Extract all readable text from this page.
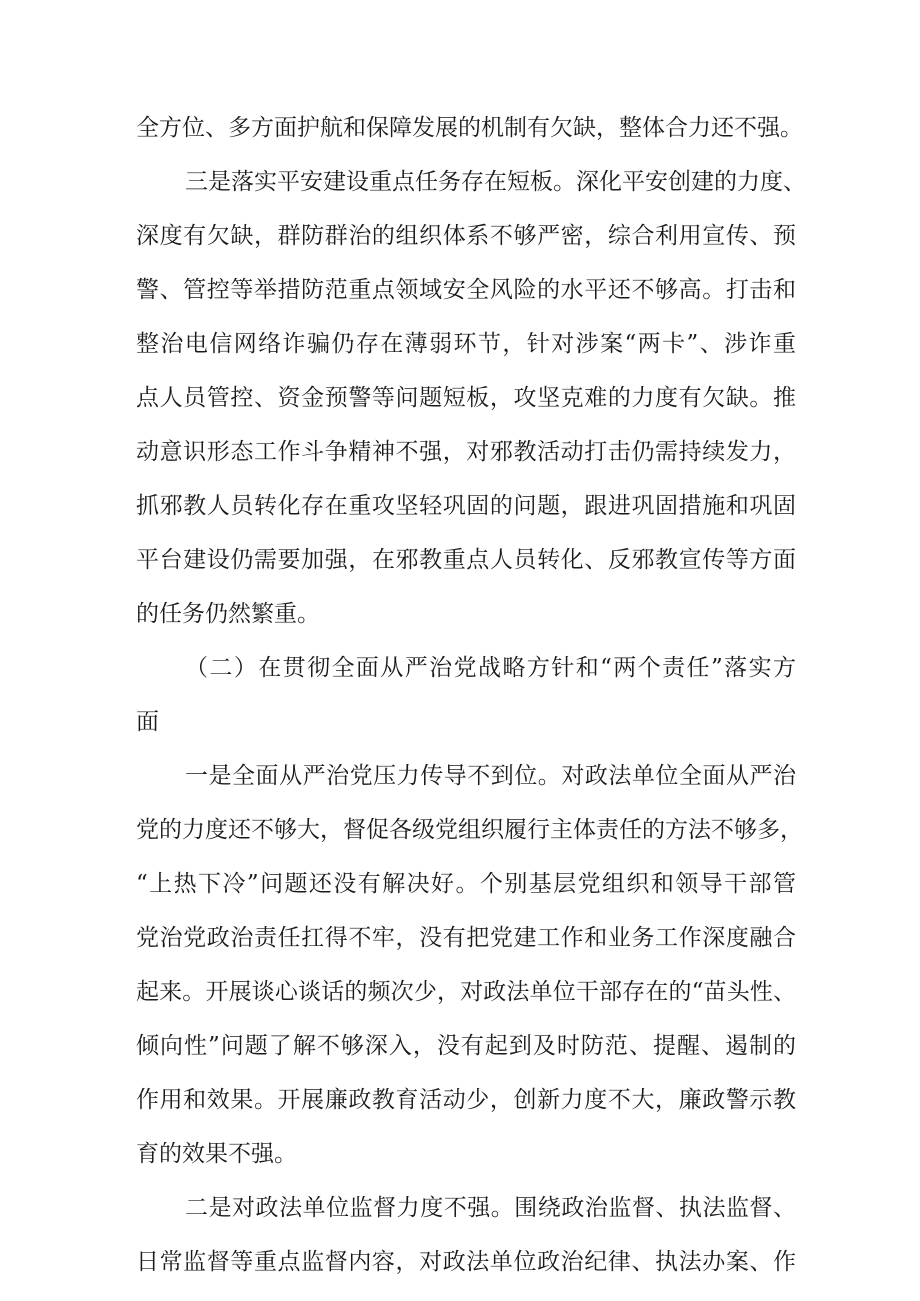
全方位、多方面护航和保障发展的机制有欠缺，整体合力还不强。

三是落实平安建设重点任务存在短板。深化平安创建的力度、

深度有欠缺，群防群治的组织体系不够严密，综合利用宣传、预

警、管控等举措防范重点领域安全风险的水平还不够高。打击和

整治电信网络诈骗仍存在薄弱环节，针对涉案“两卡”、涉诈重

点人员管控、资金预警等问题短板，攻坚克难的力度有欠缺。推

动意识形态工作斗争精神不强，对邪教活动打击仍需持续发力，

抓邪教人员转化存在重攻坚轻巩固的问题，跟进巩固措施和巩固

平台建设仍需要加强，在邪教重点人员转化、反邪教宣传等方面

的任务仍然繁重。

（二）在贯彻全面从严治党战略方针和“两个责任”落实方

面

一是全面从严治党压力传导不到位。对政法单位全面从严治

党的力度还不够大，督促各级党组织履行主体责任的方法不够多，

“上热下冷”问题还没有解决好。个别基层党组织和领导干部管

党治党政治责任扛得不牢，没有把党建工作和业务工作深度融合

起来。开展谈心谈话的频次少，对政法单位干部存在的“苗头性、

倾向性”问题了解不够深入，没有起到及时防范、提醒、遏制的

作用和效果。开展廉政教育活动少，创新力度不大，廉政警示教

育的效果不强。

二是对政法单位监督力度不强。围绕政治监督、执法监督、

日常监督等重点监督内容，对政法单位政治纪律、执法办案、作
